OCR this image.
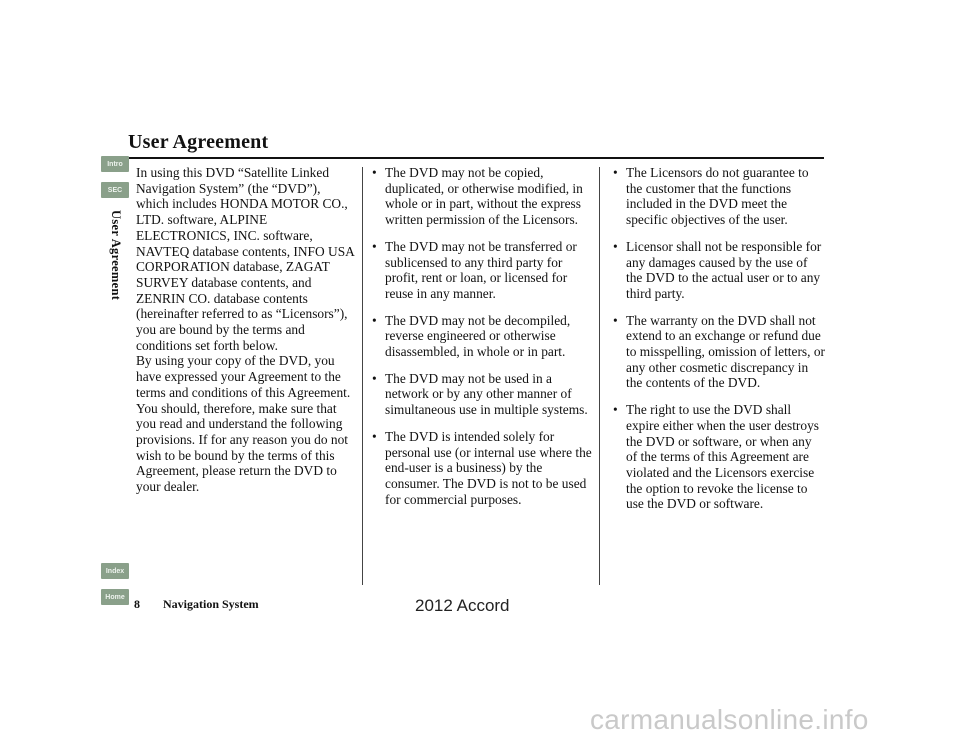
User Agreement
Intro
SEC
User Agreement
Index
Home

In using this DVD “Satellite Linked Navigation System” (the “DVD”), which includes HONDA MOTOR CO., LTD. software, ALPINE ELECTRONICS, INC. software, NAVTEQ database contents, INFO USA CORPORATION database, ZAGAT SURVEY database contents, and ZENRIN CO. database contents (hereinafter referred to as “Licensors”), you are bound by the terms and conditions set forth below.

By using your copy of the DVD, you have expressed your Agreement to the terms and conditions of this Agreement. You should, therefore, make sure that you read and understand the following provisions. If for any reason you do not wish to be bound by the terms of this Agreement, please return the DVD to your dealer.

• The DVD may not be copied, duplicated, or otherwise modified, in whole or in part, without the express written permission of the Licensors.
• The DVD may not be transferred or sublicensed to any third party for profit, rent or loan, or licensed for reuse in any manner.
• The DVD may not be decompiled, reverse engineered or otherwise disassembled, in whole or in part.
• The DVD may not be used in a network or by any other manner of simultaneous use in multiple systems.
• The DVD is intended solely for personal use (or internal use where the end-user is a business) by the consumer. The DVD is not to be used for commercial purposes.
• The Licensors do not guarantee to the customer that the functions included in the DVD meet the specific objectives of the user.
• Licensor shall not be responsible for any damages caused by the use of the DVD to the actual user or to any third party.
• The warranty on the DVD shall not extend to an exchange or refund due to misspelling, omission of letters, or any other cosmetic discrepancy in the contents of the DVD.
• The right to use the DVD shall expire either when the user destroys the DVD or software, or when any of the terms of this Agreement are violated and the Licensors exercise the option to revoke the license to use the DVD or software.
8 Navigation System	2012 Accord
carmanualsonline.info
